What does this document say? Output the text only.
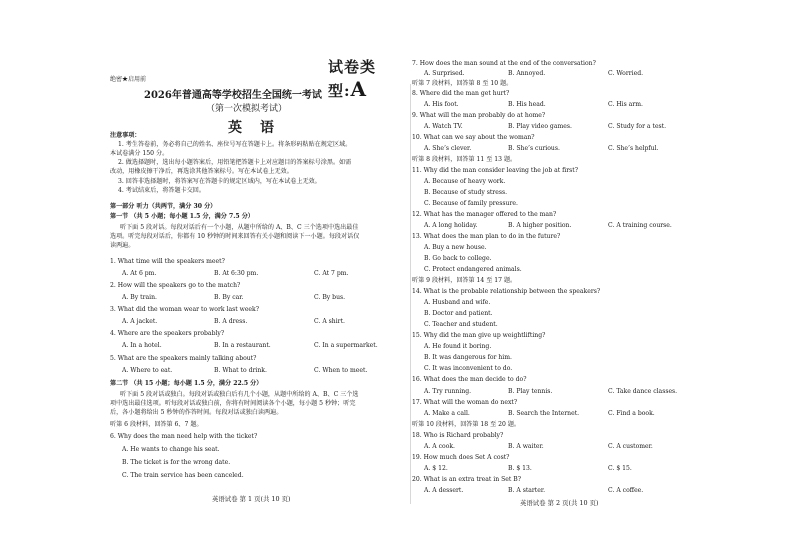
试卷类型:A
绝密★启用前
2026年普通高等学校招生全国统一考试
（第一次模拟考试）
英语
注意事项：
1. 考生答卷前，务必将自己的姓名、座位号写在答题卡上。将条形码粘贴在规定区域。
本试卷满分 150 分。
2. 做选择题时，选出每小题答案后，用铅笔把答题卡上对应题目的答案标号涂黑。如需
改动，用橡皮擦干净后，再选涂其他答案标号。写在本试卷上无效。
3. 回答非选择题时，将答案写在答题卡的规定区域内，写在本试卷上无效。
4. 考试结束后，将答题卡交回。
第一部分 听力（共两节，满分 30 分）
第一节 （共 5 小题；每小题 1.5 分，满分 7.5 分）
听下面 5 段对话。每段对话后有一个小题，从题中所给的 A、B、C 三个选项中选出最佳
选项。听完每段对话后，你都有 10 秒钟的时间来回答有关小题和阅读下一小题。每段对话仅
读两遍。
1. What time will the speakers meet?
A. At 6 pm.	B. At 6:30 pm.	C. At 7 pm.
2. How will the speakers go to the match?
A. By train.	B. By car.	C. By bus.
3. What did the woman wear to work last week?
A. A jacket.	B. A dress.	C. A shirt.
4. Where are the speakers probably?
A. In a hotel.	B. In a restaurant.	C. In a supermarket.
5. What are the speakers mainly talking about?
A. Where to eat.	B. What to drink.	C. When to meet.
第二节 （共 15 小题；每小题 1.5 分，满分 22.5 分）
听下面 5 段对话或独白。每段对话或独白后有几个小题，从题中所给的 A、B、C 三个选
项中选出最佳选项。听每段对话或独白前，你将有时间阅读各个小题，每小题 5 秒钟；听完
后，各小题将给出 5 秒钟的作答时间。每段对话或独白读两遍。
听第 6 段材料，回答第 6、7 题。
6. Why does the man need help with the ticket?
A. He wants to change his seat.
B. The ticket is for the wrong date.
C. The train service has been canceled.
英语试卷 第 1 页(共 10 页)
7. How does the man sound at the end of the conversation?
A. Surprised.	B. Annoyed.	C. Worried.
听第 7 段材料，回答第 8 至 10 题。
8. Where did the man get hurt?
A. His foot.	B. His head.	C. His arm.
9. What will the man probably do at home?
A. Watch TV.	B. Play video games.	C. Study for a test.
10. What can we say about the woman?
A. She’s clever.	B. She’s curious.	C. She’s helpful.
听第 8 段材料，回答第 11 至 13 题。
11. Why did the man consider leaving the job at first?
A. Because of heavy work.
B. Because of study stress.
C. Because of family pressure.
12. What has the manager offered to the man?
A. A long holiday.	B. A higher position.	C. A training course.
13. What does the man plan to do in the future?
A. Buy a new house.
B. Go back to college.
C. Protect endangered animals.
听第 9 段材料，回答第 14 至 17 题。
14. What is the probable relationship between the speakers?
A. Husband and wife.
B. Doctor and patient.
C. Teacher and student.
15. Why did the man give up weightlifting?
A. He found it boring.
B. It was dangerous for him.
C. It was inconvenient to do.
16. What does the man decide to do?
A. Try running.	B. Play tennis.	C. Take dance classes.
17. What will the woman do next?
A. Make a call.	B. Search the Internet.	C. Find a book.
听第 10 段材料，回答第 18 至 20 题。
18. Who is Richard probably?
A. A cook.	B. A waiter.	C. A customer.
19. How much does Set A cost?
A. $ 12.	B. $ 13.	C. $ 15.
20. What is an extra treat in Set B?
A. A dessert.	B. A starter.	C. A coffee.
英语试卷 第 2 页(共 10 页)
